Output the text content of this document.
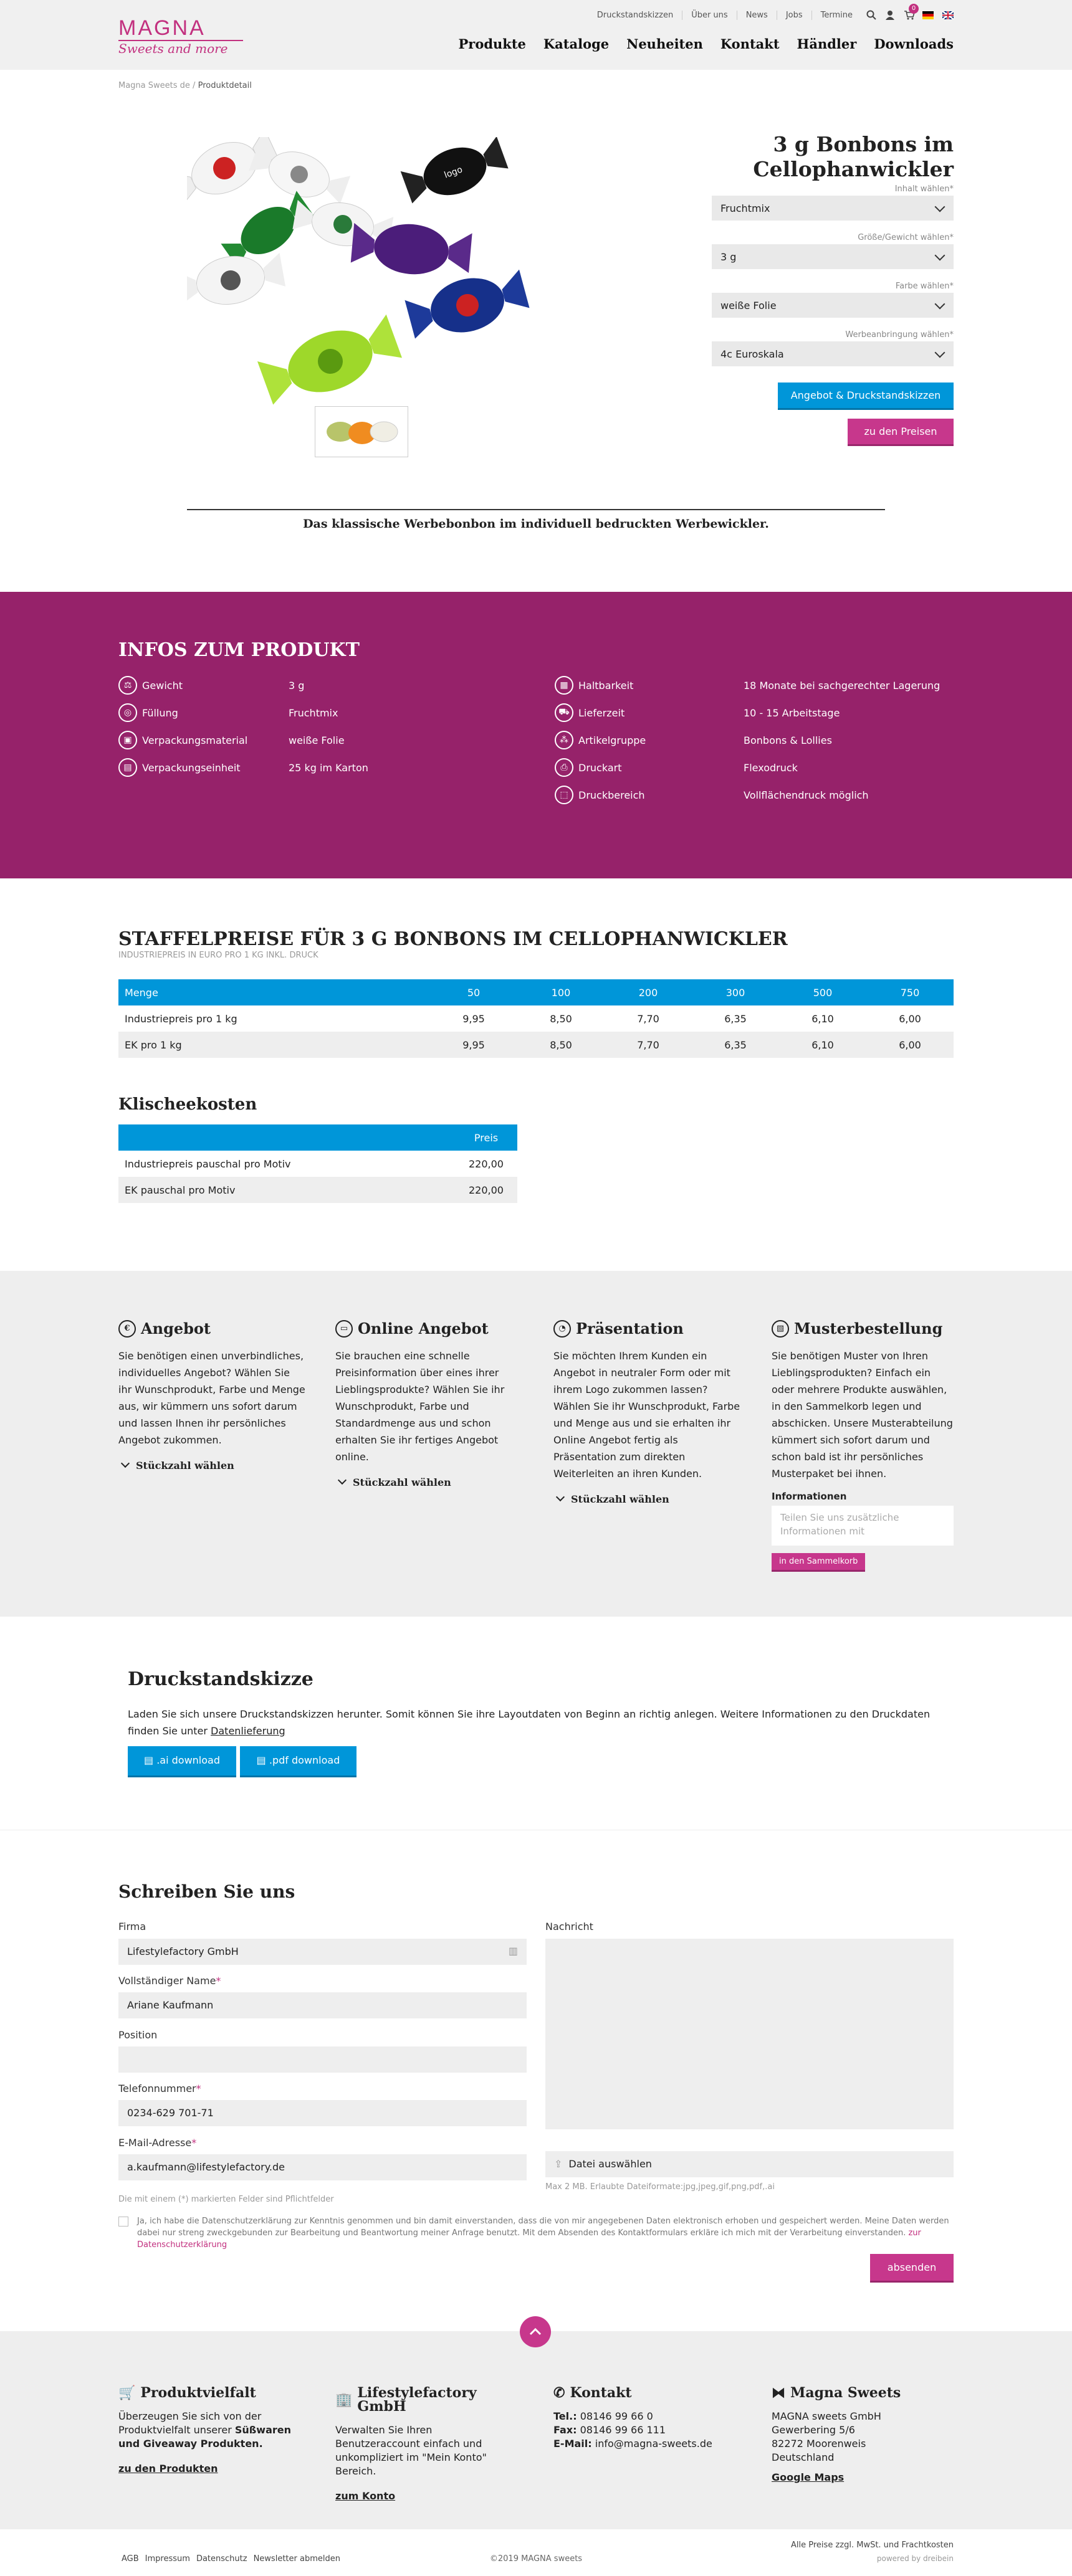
MAGNA
Sweets and more
Druckstandskizzen	Über uns	News	Jobs	Termine
0
Produkte Kataloge Neuheiten Kontakt Händler Downloads
Magna Sweets de / Produktdetail
logo
3 g Bonbons im
Cellophanwickler
Inhalt wählen*
Fruchtmix
Größe/Gewicht wählen*
3 g
Farbe wählen*
weiße Folie
Werbeanbringung wählen*
4c Euroskala
Angebot & Druckstandskizzen
zu den Preisen
Das klassische Werbebonbon im individuell bedruckten Werbewickler.
INFOS ZUM PRODUKT
⚖	Gewicht	3 g
◎	Füllung	Fruchtmix
▣	Verpackungsmaterial	weiße Folie
▤	Verpackungseinheit	25 kg im Karton
▦	Haltbarkeit	18 Monate bei sachgerechter Lagerung
⛟ Lieferzeit	10 - 15 Arbeitstage
⁂	Artikelgruppe	Bonbons & Lollies
⎙	Druckart	Flexodruck
⬚	Druckbereich	Vollflächendruck möglich
STAFFELPREISE FÜR 3 G BONBONS IM CELLOPHANWICKLER
INDUSTRIEPREIS IN EURO PRO 1 KG INKL. DRUCK
Menge	50	100	200	300	500	750
Industriepreis pro 1 kg	9,95	8,50	7,70	6,35	6,10	6,00
EK pro 1 kg	9,95	8,50	7,70	6,35	6,10	6,00
Klischeekosten
	Preis
Industriepreis pauschal pro Motiv	220,00
EK pauschal pro Motiv	220,00
€ Angebot

Sie benötigen einen unverbindliches, individuelles Angebot? Wählen Sie ihr Wunschprodukt, Farbe und Menge aus, wir kümmern uns sofort darum und lassen Ihnen ihr persönliches Angebot zukommen.

Stückzahl wählen
▭ Online Angebot

Sie brauchen eine schnelle Preisinformation über eines ihrer Lieblingsprodukte? Wählen Sie ihr Wunschprodukt, Farbe und Standardmenge aus und schon erhalten Sie ihr fertiges Angebot online.

Stückzahl wählen
◔ Präsentation

Sie möchten Ihrem Kunden ein Angebot in neutraler Form oder mit ihrem Logo zukommen lassen? Wählen Sie ihr Wunschprodukt, Farbe und Menge aus und sie erhalten ihr Online Angebot fertig als Präsentation zum direkten Weiterleiten an ihren Kunden.

Stückzahl wählen
▧ Musterbestellung

Sie benötigen Muster von Ihren Lieblingsprodukten? Einfach ein oder mehrere Produkte auswählen, in den Sammelkorb legen und abschicken. Unsere Musterabteilung kümmert sich sofort darum und schon bald ist ihr persönliches Musterpaket bei ihnen.

Informationen
Teilen Sie uns zusätzliche Informationen mit
in den Sammelkorb
Druckstandskizze
Laden Sie sich unsere Druckstandskizzen herunter. Somit können Sie ihre Layoutdaten von Beginn an richtig anlegen. Weitere Informationen zu den Druckdaten finden Sie unter Datenlieferung
▤ .ai download	▤ .pdf download
Schreiben Sie uns
Firma
Lifestylefactory GmbH	▥
Vollständiger Name*
Ariane Kaufmann
Position
Telefonnummer*
0234-629 701-71
E-Mail-Adresse*
a.kaufmann@lifestylefactory.de
Die mit einem (*) markierten Felder sind Pflichtfelder
Nachricht
⇪ Datei auswählen
Max 2 MB. Erlaubte Dateiformate:jpg,jpeg,gif,png,pdf,.ai
Ja, ich habe die Datenschutzerklärung zur Kenntnis genommen und bin damit einverstanden, dass die von mir angegebenen Daten elektronisch erhoben und gespeichert werden. Meine Daten werden dabei nur streng zweckgebunden zur Bearbeitung und Beantwortung meiner Anfrage benutzt. Mit dem Absenden des Kontaktformulars erkläre ich mich mit der Verarbeitung einverstanden. zur Datenschutzerklärung
absenden
🛒 Produktvielfalt
Überzeugen Sie sich von der Produktvielfalt unserer Süßwaren und Giveaway Produkten.
zu den Produkten
🏢 Lifestylefactory GmbH
Verwalten Sie Ihren Benutzeraccount einfach und unkompliziert im "Mein Konto" Bereich.
zum Konto
✆ Kontakt
Tel.: 08146 99 66 0
Fax: 08146 99 66 111
E-Mail: info@magna-sweets.de
⧓ Magna Sweets
MAGNA sweets GmbH
Gewerbering 5/6
82272 Moorenweis
Deutschland
Google Maps
AGB Impressum Datenschutz Newsletter abmelden	©2019 MAGNA sweets
Alle Preise zzgl. MwSt. und Frachtkosten
powered by dreibein
